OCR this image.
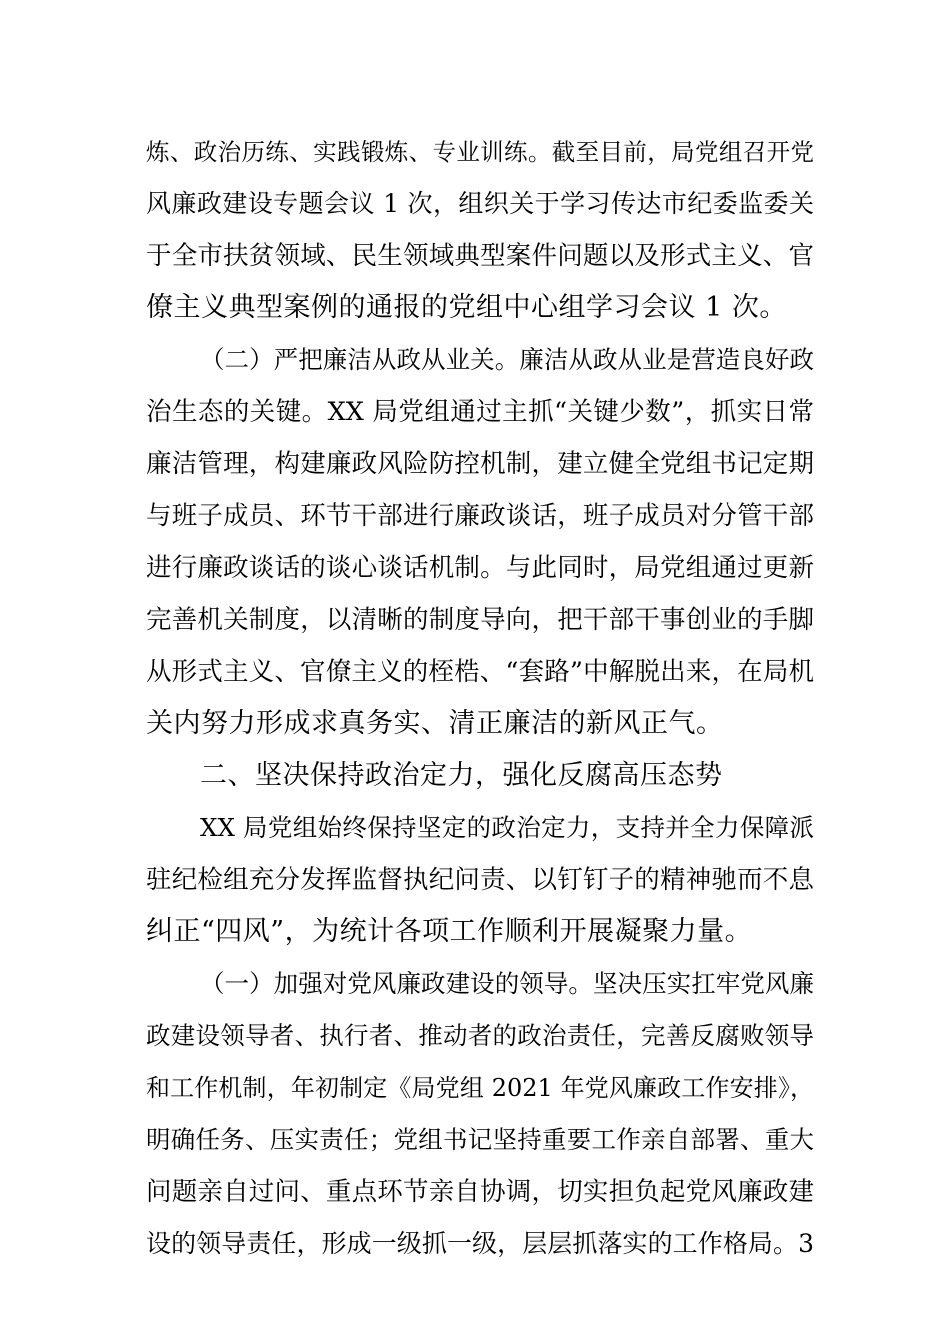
炼、政治历练、实践锻炼、专业训练。截至目前，局党组召开党
风廉政建设专题会议 1 次，组织关于学习传达市纪委监委关
于全市扶贫领域、民生领域典型案件问题以及形式主义、官
僚主义典型案例的通报的党组中心组学习会议 1 次。
（二）严把廉洁从政从业关。廉洁从政从业是营造良好政
治生态的关键。XX 局党组通过主抓“关键少数”，抓实日常
廉洁管理，构建廉政风险防控机制，建立健全党组书记定期
与班子成员、环节干部进行廉政谈话，班子成员对分管干部
进行廉政谈话的谈心谈话机制。与此同时，局党组通过更新
完善机关制度，以清晰的制度导向，把干部干事创业的手脚
从形式主义、官僚主义的桎梏、“套路”中解脱出来，在局机
关内努力形成求真务实、清正廉洁的新风正气。
二、坚决保持政治定力，强化反腐高压态势
XX 局党组始终保持坚定的政治定力，支持并全力保障派
驻纪检组充分发挥监督执纪问责、以钉钉子的精神驰而不息
纠正“四风”，为统计各项工作顺利开展凝聚力量。
（一）加强对党风廉政建设的领导。坚决压实扛牢党风廉
政建设领导者、执行者、推动者的政治责任，完善反腐败领导
和工作机制，年初制定《局党组 2021 年党风廉政工作安排》，
明确任务、压实责任；党组书记坚持重要工作亲自部署、重大
问题亲自过问、重点环节亲自协调，切实担负起党风廉政建
设的领导责任，形成一级抓一级，层层抓落实的工作格局。3
